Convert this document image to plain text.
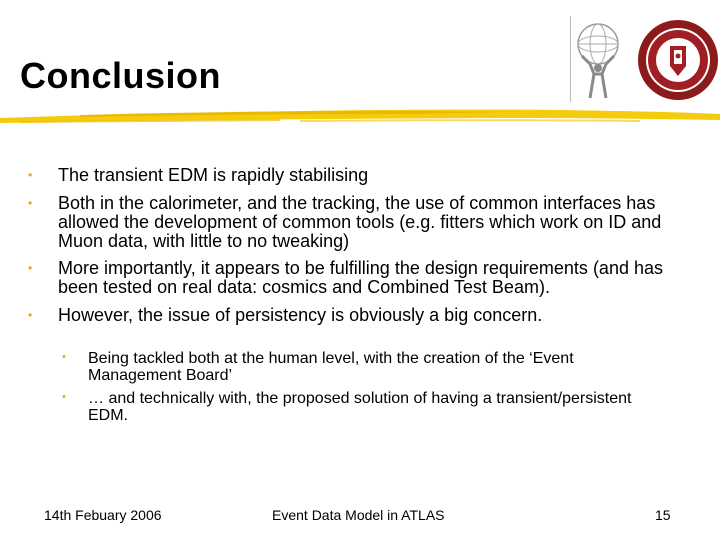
Conclusion
• The transient EDM is rapidly stabilising
• Both in the calorimeter, and the tracking, the use of common interfaces has allowed the development of common tools (e.g. fitters which work on ID and Muon data, with little to no tweaking)
• More importantly, it appears to be fulfilling the design requirements (and has been tested on real data: cosmics and Combined Test Beam).
• However, the issue of persistency is obviously a big concern.
• Being tackled both at the human level, with the creation of the ‘Event Management Board’
• … and technically with, the proposed solution of having a transient/persistent EDM.
14th Febuary 2006	Event Data Model in ATLAS	15
